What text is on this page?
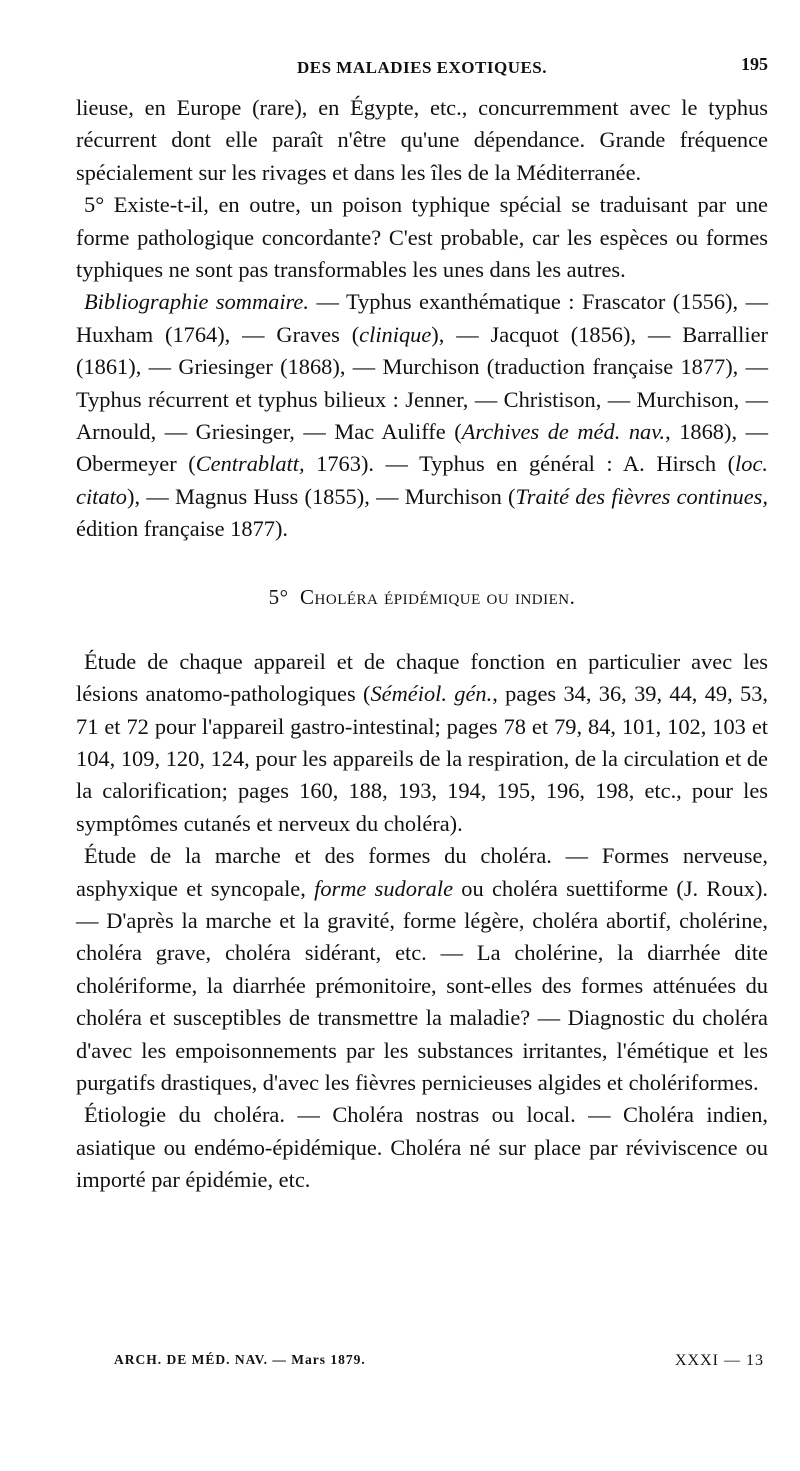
DES MALADIES EXOTIQUES.	195

lieuse, en Europe (rare), en Égypte, etc., concurremment avec le typhus récurrent dont elle paraît n'être qu'une dépendance. Grande fréquence spécialement sur les rivages et dans les îles de la Méditerranée.

5° Existe-t-il, en outre, un poison typhique spécial se traduisant par une forme pathologique concordante? C'est probable, car les espèces ou formes typhiques ne sont pas transformables les unes dans les autres.

Bibliographie sommaire. — Typhus exanthématique : Frascator (1556), — Huxham (1764), — Graves (clinique), — Jacquot (1856), — Barrallier (1861), — Griesinger (1868), — Murchison (traduction française 1877), — Typhus récurrent et typhus bilieux : Jenner, — Christison, — Murchison, — Arnould, — Griesinger, — Mac Auliffe (Archives de méd. nav., 1868), — Obermeyer (Centrablatt, 1763). — Typhus en général : A. Hirsch (loc. citato), — Magnus Huss (1855), — Murchison (Traité des fièvres continues, édition française 1877).

5° Choléra épidémique ou indien.

Étude de chaque appareil et de chaque fonction en particulier avec les lésions anatomo-pathologiques (Séméiol. gén., pages 34, 36, 39, 44, 49, 53, 71 et 72 pour l'appareil gastro-intestinal; pages 78 et 79, 84, 101, 102, 103 et 104, 109, 120, 124, pour les appareils de la respiration, de la circulation et de la calorification; pages 160, 188, 193, 194, 195, 196, 198, etc., pour les symptômes cutanés et nerveux du choléra).

Étude de la marche et des formes du choléra. — Formes nerveuse, asphyxique et syncopale, forme sudorale ou choléra suettiforme (J. Roux). — D'après la marche et la gravité, forme légère, choléra abortif, cholérine, choléra grave, choléra sidérant, etc. — La cholérine, la diarrhée dite cholériforme, la diarrhée prémonitoire, sont-elles des formes atténuées du choléra et susceptibles de transmettre la maladie? — Diagnostic du choléra d'avec les empoisonnements par les substances irritantes, l'émétique et les purgatifs drastiques, d'avec les fièvres pernicieuses algides et cholériformes.

Étiologie du choléra. — Choléra nostras ou local. — Choléra indien, asiatique ou endémo-épidémique. Choléra né sur place par réviviscence ou importé par épidémie, etc.

ARCH. DE MÉD. NAV. — Mars 1879.	XXXI — 13
